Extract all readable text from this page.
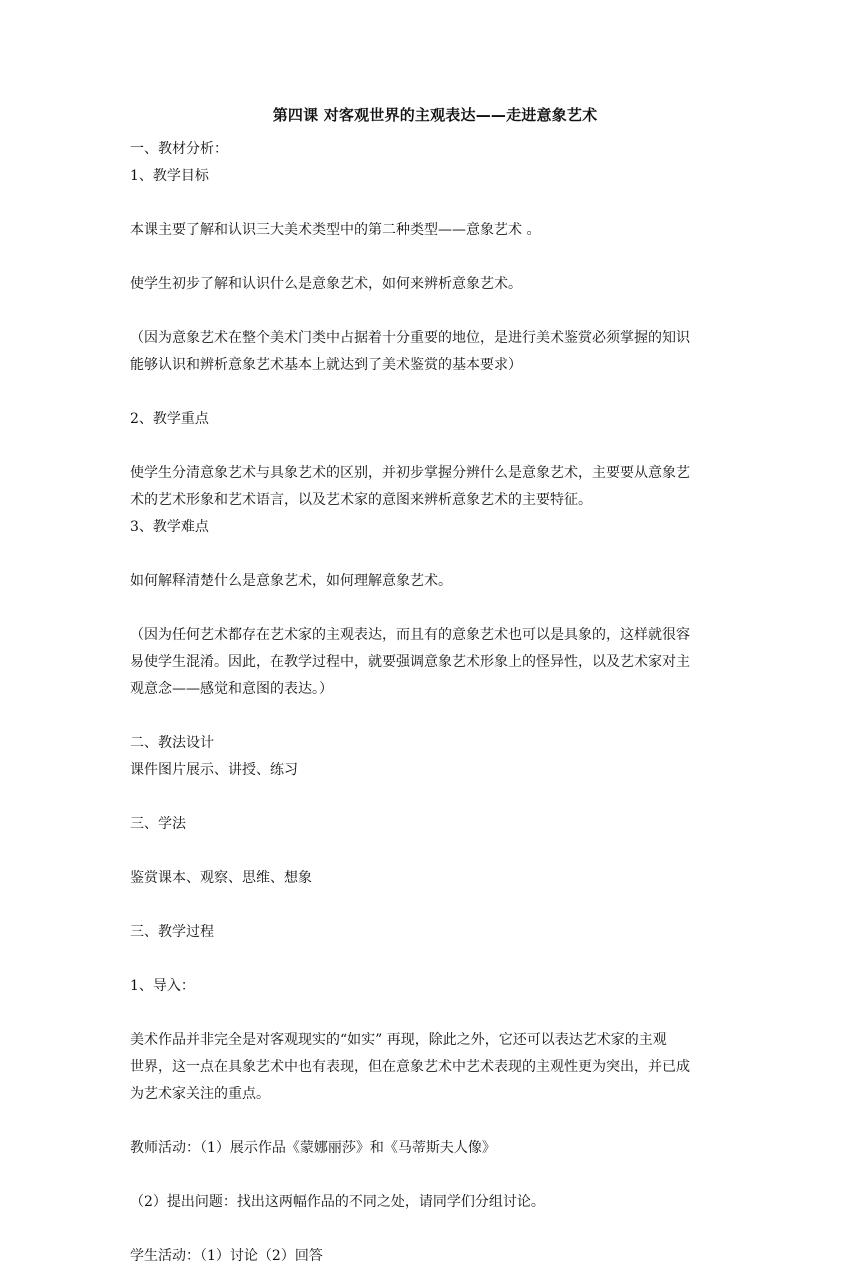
第四课 对客观世界的主观表达——走进意象艺术
一、教材分析：
1、教学目标
本课主要了解和认识三大美术类型中的第二种类型——意象艺术 。
使学生初步了解和认识什么是意象艺术，如何来辨析意象艺术。
（因为意象艺术在整个美术门类中占据着十分重要的地位，是进行美术鉴赏必须掌握的知识
能够认识和辨析意象艺术基本上就达到了美术鉴赏的基本要求）
2、教学重点
使学生分清意象艺术与具象艺术的区别，并初步掌握分辨什么是意象艺术，主要要从意象艺
术的艺术形象和艺术语言，以及艺术家的意图来辨析意象艺术的主要特征。
3、教学难点
如何解释清楚什么是意象艺术，如何理解意象艺术。
（因为任何艺术都存在艺术家的主观表达，而且有的意象艺术也可以是具象的，这样就很容
易使学生混淆。因此，在教学过程中，就要强调意象艺术形象上的怪异性，以及艺术家对主
观意念——感觉和意图的表达。）
二、教法设计
课件图片展示、讲授、练习
三、学法
鉴赏课本、观察、思维、想象
三、教学过程
1、导入：
美术作品并非完全是对客观现实的“如实” 再现，除此之外，它还可以表达艺术家的主观
世界，这一点在具象艺术中也有表现，但在意象艺术中艺术表现的主观性更为突出，并已成
为艺术家关注的重点。
教师活动：（1）展示作品《蒙娜丽莎》和《马蒂斯夫人像》
（2）提出问题：找出这两幅作品的不同之处，请同学们分组讨论。
学生活动：（1）讨论（2）回答
